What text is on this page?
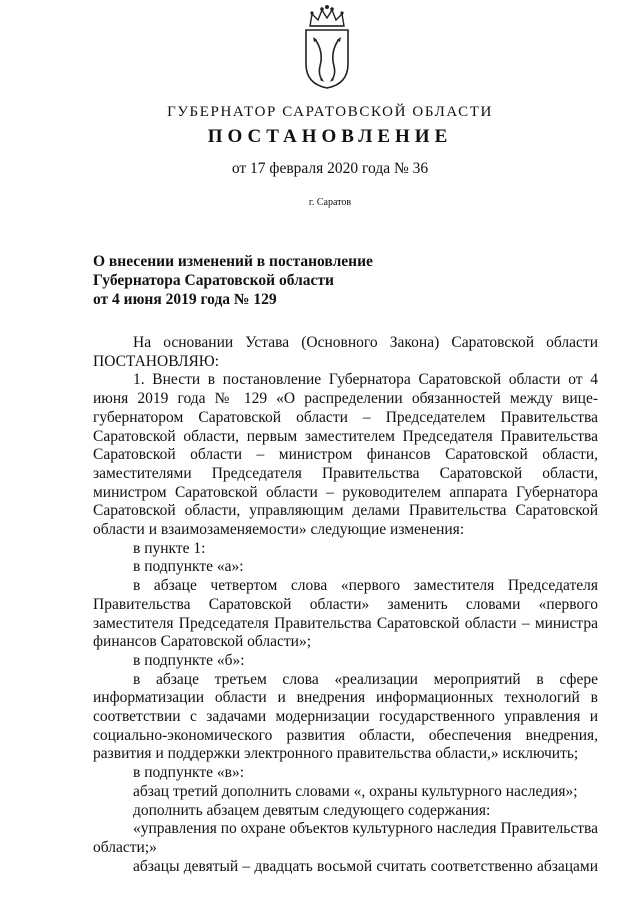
ГУБЕРНАТОР САРАТОВСКОЙ ОБЛАСТИ
ПОСТАНОВЛЕНИЕ
от 17 февраля 2020 года № 36
г. Саратов
О внесении изменений в постановление
Губернатора Саратовской области
от 4 июня 2019 года № 129
На основании Устава (Основного Закона) Саратовской области ПОСТАНОВЛЯЮ:
1. Внести в постановление Губернатора Саратовской области от 4 июня 2019 года № 129 «О распределении обязанностей между вице-губернатором Саратовской области – Председателем Правительства Саратовской области, первым заместителем Председателя Правительства Саратовской области – министром финансов Саратовской области, заместителями Председателя Правительства Саратовской области, министром Саратовской области – руководителем аппарата Губернатора Саратовской области, управляющим делами Правительства Саратовской области и взаимозаменяемости» следующие изменения:
в пункте 1:
в подпункте «а»:
в абзаце четвертом слова «первого заместителя Председателя Правительства Саратовской области» заменить словами «первого заместителя Председателя Правительства Саратовской области – министра финансов Саратовской области»;
в подпункте «б»:
в абзаце третьем слова «реализации мероприятий в сфере информатизации области и внедрения информационных технологий в соответствии с задачами модернизации государственного управления и социально-экономического развития области, обеспечения внедрения, развития и поддержки электронного правительства области,» исключить;
в подпункте «в»:
абзац третий дополнить словами «, охраны культурного наследия»;
дополнить абзацем девятым следующего содержания:
«управления по охране объектов культурного наследия Правительства области;»
абзацы девятый – двадцать восьмой считать соответственно абзацами
